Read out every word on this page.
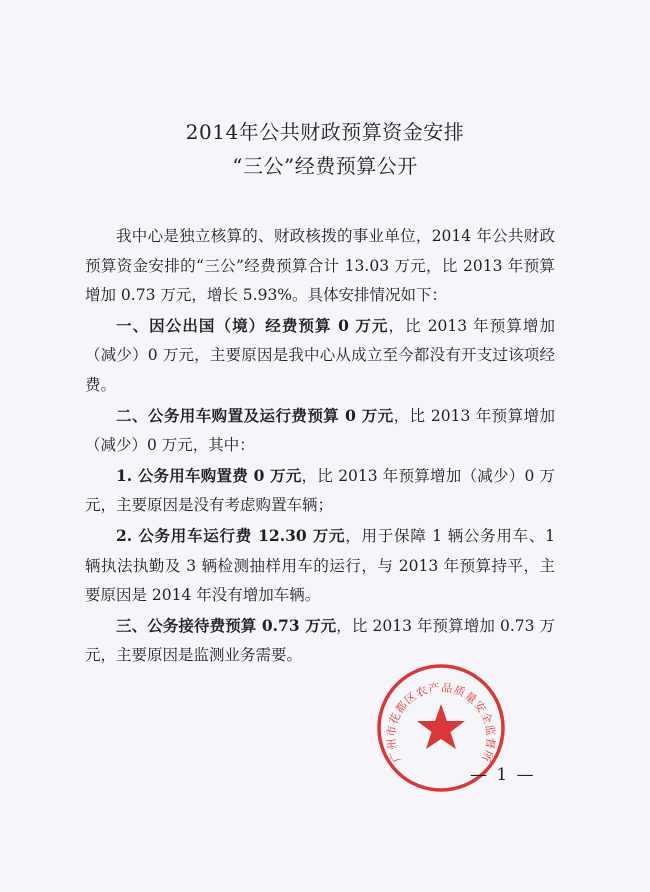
2014年公共财政预算资金安排
“三公”经费预算公开

我中心是独立核算的、财政核拨的事业单位，2014 年公共财政预算资金安排的“三公”经费预算合计 13.03 万元，比 2013 年预算增加 0.73 万元，增长 5.93%。具体安排情况如下：

一、因公出国（境）经费预算 0 万元，比 2013 年预算增加（减少）0 万元，主要原因是我中心从成立至今都没有开支过该项经费。

二、公务用车购置及运行费预算 0 万元，比 2013 年预算增加（减少）0 万元，其中：

1. 公务用车购置费 0 万元，比 2013 年预算增加（减少）0 万元，主要原因是没有考虑购置车辆；

2. 公务用车运行费 12.30 万元，用于保障 1 辆公务用车、1 辆执法执勤及 3 辆检测抽样用车的运行，与 2013 年预算持平，主要原因是 2014 年没有增加车辆。

三、公务接待费预算 0.73 万元，比 2013 年预算增加 0.73 万元，主要原因是监测业务需要。

广州市花都区农产品质量安全监督所
— 1 —
